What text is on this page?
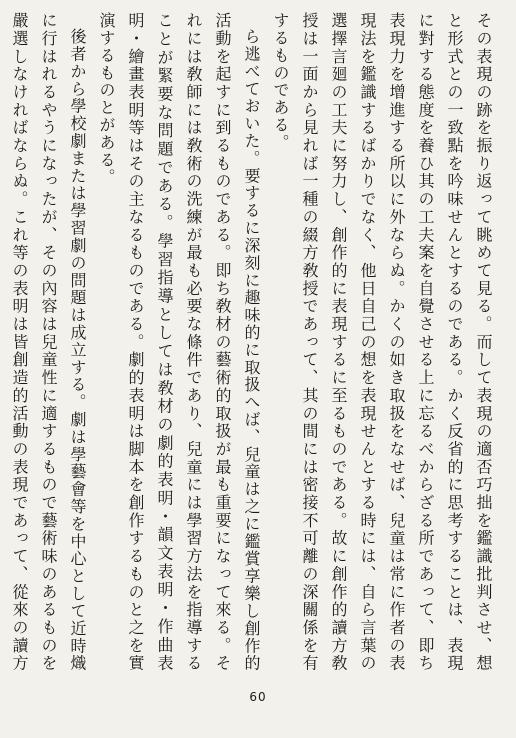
その表現の跡を振り返って眺めて見る。而して表現の適否巧拙を鑑識批判させ、想と形式との一致點を吟味せんとするのである。かく反省的に思考することは、表現に對する態度を養ひ其の工夫案を自覺させる上に忘るべからざる所であって、即ち表現力を增進する所以に外ならぬ。かくの如き取扱をなせば、兒童は常に作者の表現法を鑑識するばかりでなく、他日自己の想を表現せんとする時には、自ら言葉の選擇言廻の工夫に努力し、創作的に表現するに至るものである。故に創作的讀方敎授は一面から見れば一種の綴方敎授であって、其の間には密接不可離の深關係を有するものである。

ら逃べておいた。要するに深刻に趣味的に取扱へば、兒童は之に鑑賞享樂し創作的活動を起すに到るものである。即ち敎材の藝術的取扱が最も重要になって來る。それには敎師には敎術の洗練が最も必要な條件であり、兒童には學習方法を指導することが緊要な問題である。學習指導としては敎材の劇的表明・韻文表明・作曲表明・繪畫表明等はその主なるものである。劇的表明は脚本を創作するものと之を實演するものとがある。

後者から學校劇または學習劇の問題は成立する。劇は學藝會等を中心として近時熾に行はれるやうになったが、その內容は兒童性に適するもので藝術味のあるものを嚴選しなければならぬ。これ等の表明は皆創造的活動の表現であって、從來の讀方

60
